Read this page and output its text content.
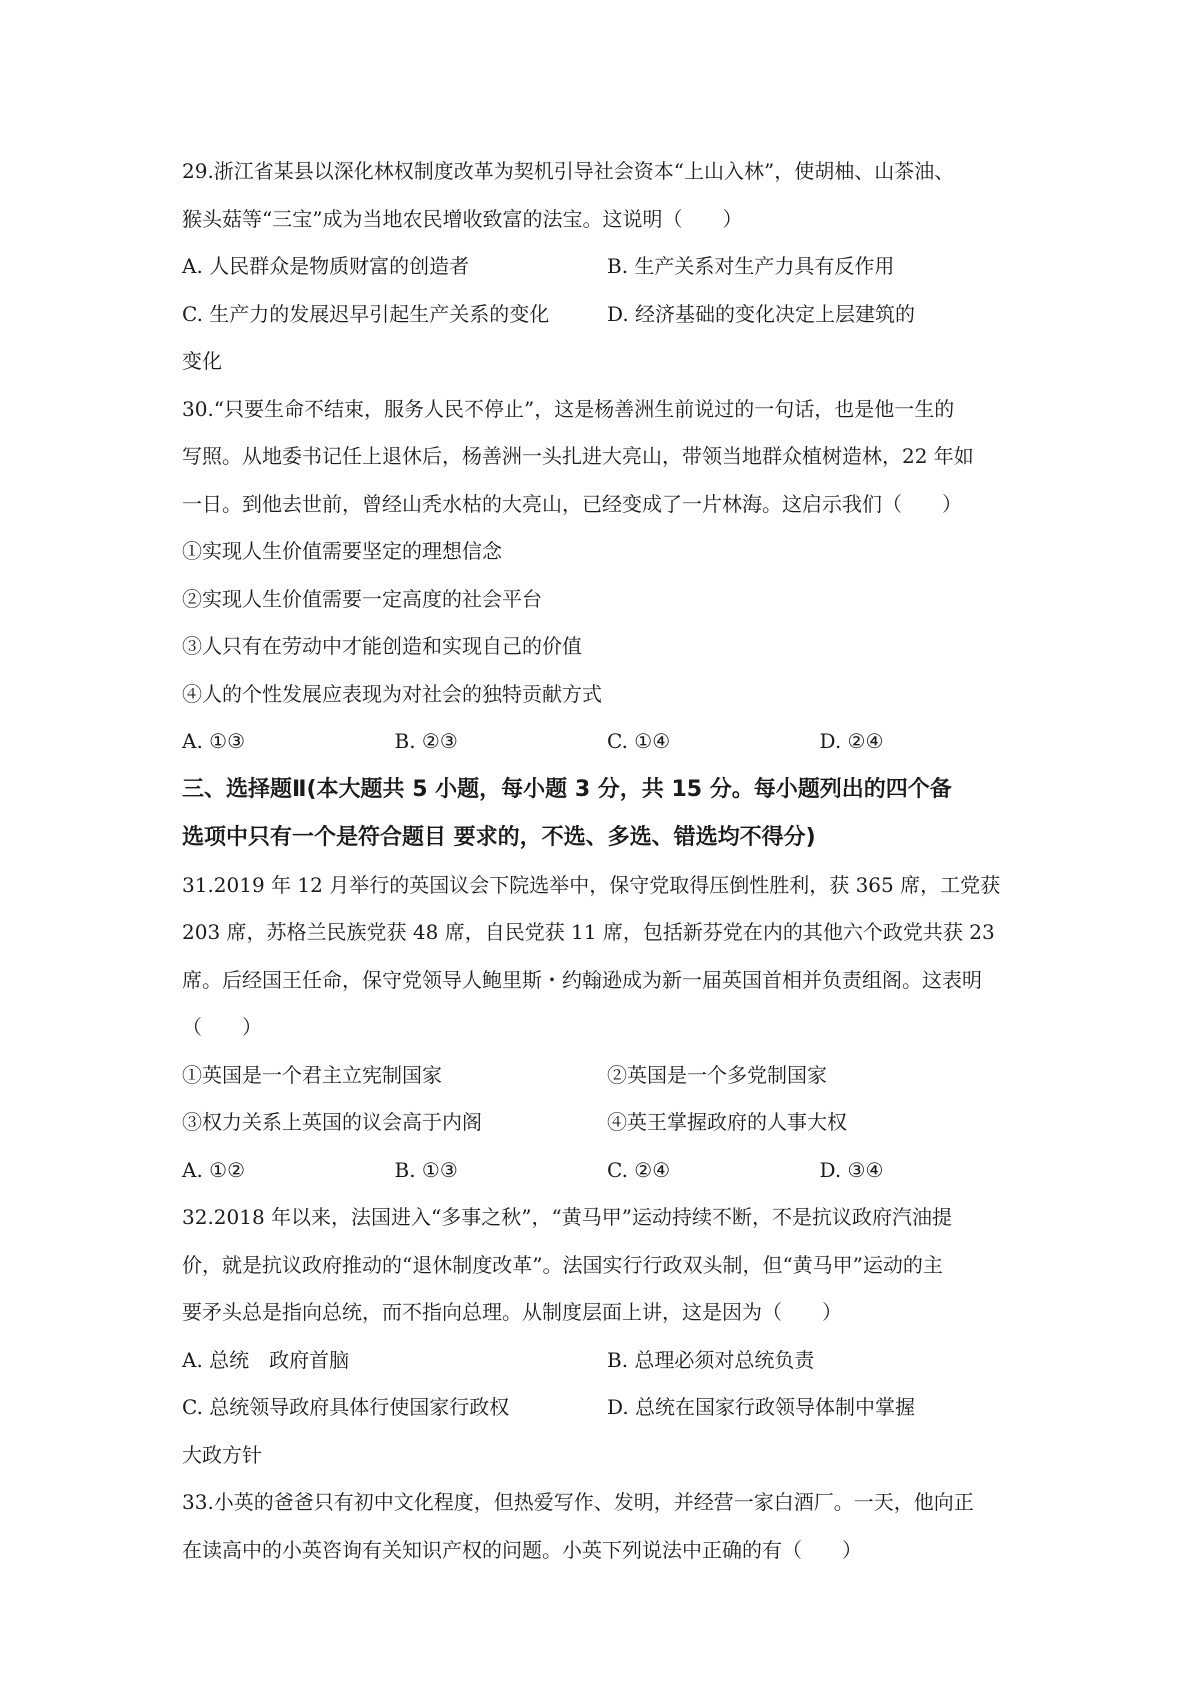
29.浙江省某县以深化林权制度改革为契机引导社会资本“上山入林”，使胡柚、山茶油、
猴头菇等“三宝”成为当地农民增收致富的法宝。这说明（　　）
A. 人民群众是物质财富的创造者	B. 生产关系对生产力具有反作用
C. 生产力的发展迟早引起生产关系的变化	D. 经济基础的变化决定上层建筑的
变化
30.“只要生命不结束，服务人民不停止”，这是杨善洲生前说过的一句话，也是他一生的
写照。从地委书记任上退休后，杨善洲一头扎进大亮山，带领当地群众植树造林，22 年如
一日。到他去世前，曾经山秃水枯的大亮山，已经变成了一片林海。这启示我们（　　）
①实现人生价值需要坚定的理想信念
②实现人生价值需要一定高度的社会平台
③人只有在劳动中才能创造和实现自己的价值
④人的个性发展应表现为对社会的独特贡献方式
A. ①③	B. ②③	C. ①④	D. ②④
三、选择题Ⅱ(本大题共 5 小题，每小题 3 分，共 15 分。每小题列出的四个备
选项中只有一个是符合题目 要求的，不选、多选、错选均不得分)
31.2019 年 12 月举行的英国议会下院选举中，保守党取得压倒性胜利，获 365 席，工党获
203 席，苏格兰民族党获 48 席，自民党获 11 席，包括新芬党在内的其他六个政党共获 23
席。后经国王任命，保守党领导人鲍里斯・约翰逊成为新一届英国首相并负责组阁。这表明
（　　）
①英国是一个君主立宪制国家	②英国是一个多党制国家
③权力关系上英国的议会高于内阁	④英王掌握政府的人事大权
A. ①②	B. ①③	C. ②④	D. ③④
32.2018 年以来，法国进入“多事之秋”，“黄马甲”运动持续不断，不是抗议政府汽油提
价，就是抗议政府推动的“退休制度改革”。法国实行行政双头制，但“黄马甲”运动的主
要矛头总是指向总统，而不指向总理。从制度层面上讲，这是因为（　　）
A. 总统　政府首脑	B. 总理必须对总统负责
C. 总统领导政府具体行使国家行政权	D. 总统在国家行政领导体制中掌握
大政方针
33.小英的爸爸只有初中文化程度，但热爱写作、发明，并经营一家白酒厂。一天，他向正
在读高中的小英咨询有关知识产权的问题。小英下列说法中正确的有（　　）
